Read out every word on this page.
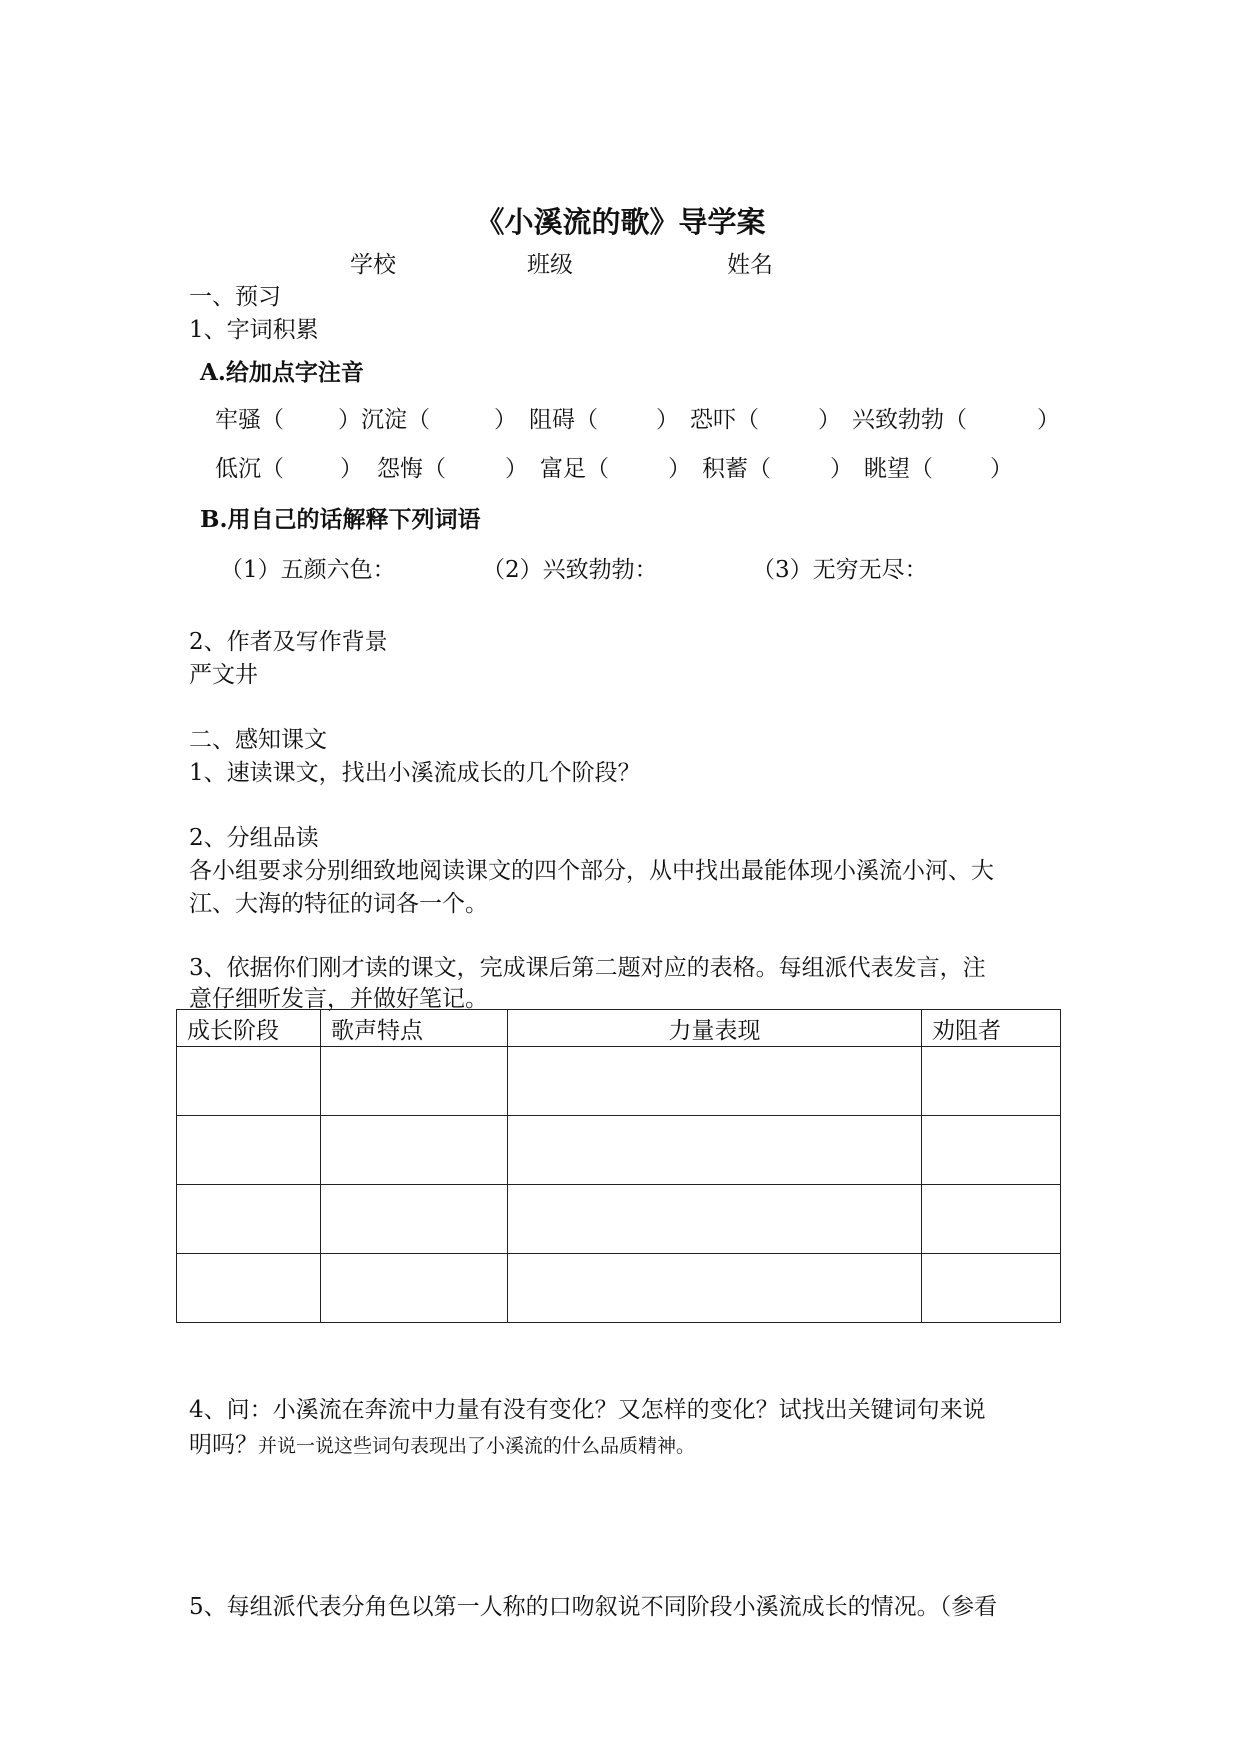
《小溪流的歌》导学案
学校	班级	姓名
一、预习
1、字词积累
A.给加点字注音
牢骚（ ）沉淀（	） 阻碍（	） 恐吓（	） 兴致勃勃（	）
低沉（ ） 怨悔（	） 富足（	） 积蓄（	） 眺望（ ）
B.用自己的话解释下列词语
（1）五颜六色：	（2）兴致勃勃：	（3）无穷无尽：
2、作者及写作背景
严文井
二、感知课文
1、速读课文，找出小溪流成长的几个阶段？
2、分组品读
各小组要求分别细致地阅读课文的四个部分，从中找出最能体现小溪流小河、大
江、大海的特征的词各一个。
3、依据你们刚才读的课文，完成课后第二题对应的表格。每组派代表发言，注
意仔细听发言，并做好笔记。
成长阶段	歌声特点	力量表现	劝阻者

4、问：小溪流在奔流中力量有没有变化？又怎样的变化？试找出关键词句来说
明吗？并说一说这些词句表现出了小溪流的什么品质精神。
5、每组派代表分角色以第一人称的口吻叙说不同阶段小溪流成长的情况。（参看
